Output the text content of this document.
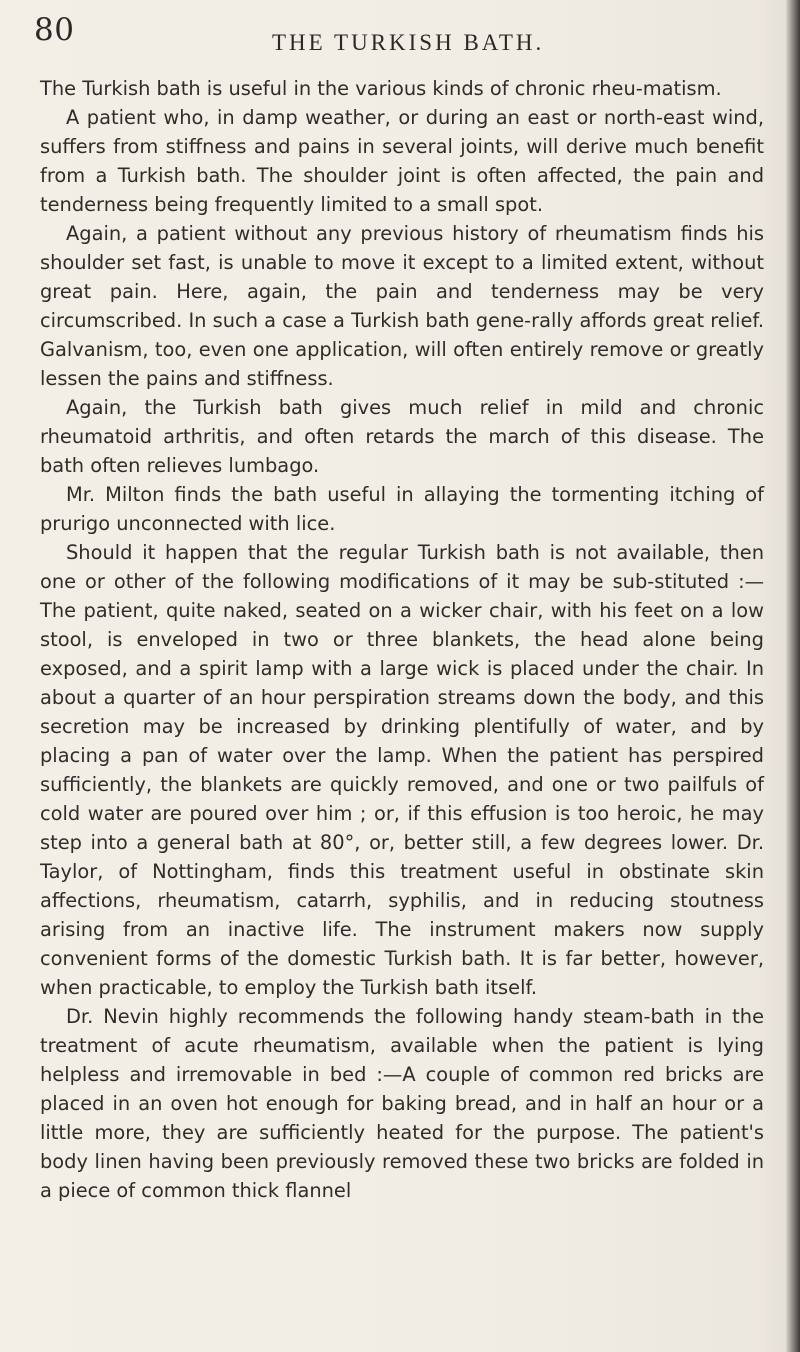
80	THE TURKISH BATH.

The Turkish bath is useful in the various kinds of chronic rheu-matism.

A patient who, in damp weather, or during an east or north-east wind, suffers from stiffness and pains in several joints, will derive much benefit from a Turkish bath. The shoulder joint is often affected, the pain and tenderness being frequently limited to a small spot.

Again, a patient without any previous history of rheumatism finds his shoulder set fast, is unable to move it except to a limited extent, without great pain. Here, again, the pain and tenderness may be very circumscribed. In such a case a Turkish bath gene-rally affords great relief. Galvanism, too, even one application, will often entirely remove or greatly lessen the pains and stiffness.

Again, the Turkish bath gives much relief in mild and chronic rheumatoid arthritis, and often retards the march of this disease. The bath often relieves lumbago.

Mr. Milton finds the bath useful in allaying the tormenting itching of prurigo unconnected with lice.

Should it happen that the regular Turkish bath is not available, then one or other of the following modifications of it may be sub-stituted :—The patient, quite naked, seated on a wicker chair, with his feet on a low stool, is enveloped in two or three blankets, the head alone being exposed, and a spirit lamp with a large wick is placed under the chair. In about a quarter of an hour perspiration streams down the body, and this secretion may be increased by drinking plentifully of water, and by placing a pan of water over the lamp. When the patient has perspired sufficiently, the blankets are quickly removed, and one or two pailfuls of cold water are poured over him ; or, if this effusion is too heroic, he may step into a general bath at 80°, or, better still, a few degrees lower. Dr. Taylor, of Nottingham, finds this treatment useful in obstinate skin affections, rheumatism, catarrh, syphilis, and in reducing stoutness arising from an inactive life. The instrument makers now supply convenient forms of the domestic Turkish bath. It is far better, however, when practicable, to employ the Turkish bath itself.

Dr. Nevin highly recommends the following handy steam-bath in the treatment of acute rheumatism, available when the patient is lying helpless and irremovable in bed :—A couple of common red bricks are placed in an oven hot enough for baking bread, and in half an hour or a little more, they are sufficiently heated for the purpose. The patient's body linen having been previously removed these two bricks are folded in a piece of common thick flannel
